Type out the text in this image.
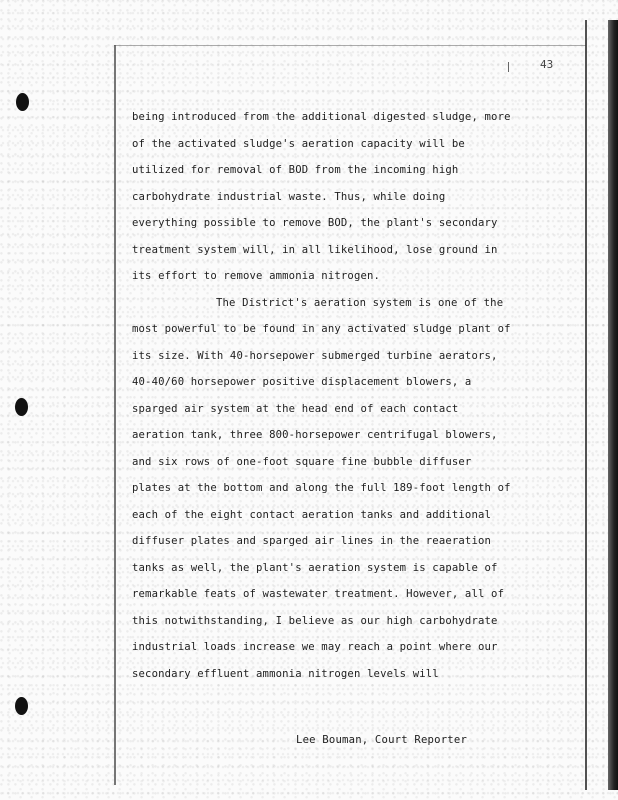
43
being introduced from the additional digested sludge, more
of the activated sludge's aeration capacity will be
utilized for removal of BOD from the incoming high
carbohydrate industrial waste. Thus, while doing
everything possible to remove BOD, the plant's secondary
treatment system will, in all likelihood, lose ground in
its effort to remove ammonia nitrogen.
The District's aeration system is one of the
most powerful to be found in any activated sludge plant of
its size. With 40-horsepower submerged turbine aerators,
40-40/60 horsepower positive displacement blowers, a
sparged air system at the head end of each contact
aeration tank, three 800-horsepower centrifugal blowers,
and six rows of one-foot square fine bubble diffuser
plates at the bottom and along the full 189-foot length of
each of the eight contact aeration tanks and additional
diffuser plates and sparged air lines in the reaeration
tanks as well, the plant's aeration system is capable of
remarkable feats of wastewater treatment. However, all of
this notwithstanding, I believe as our high carbohydrate
industrial loads increase we may reach a point where our
secondary effluent ammonia nitrogen levels will
Lee Bouman, Court Reporter
